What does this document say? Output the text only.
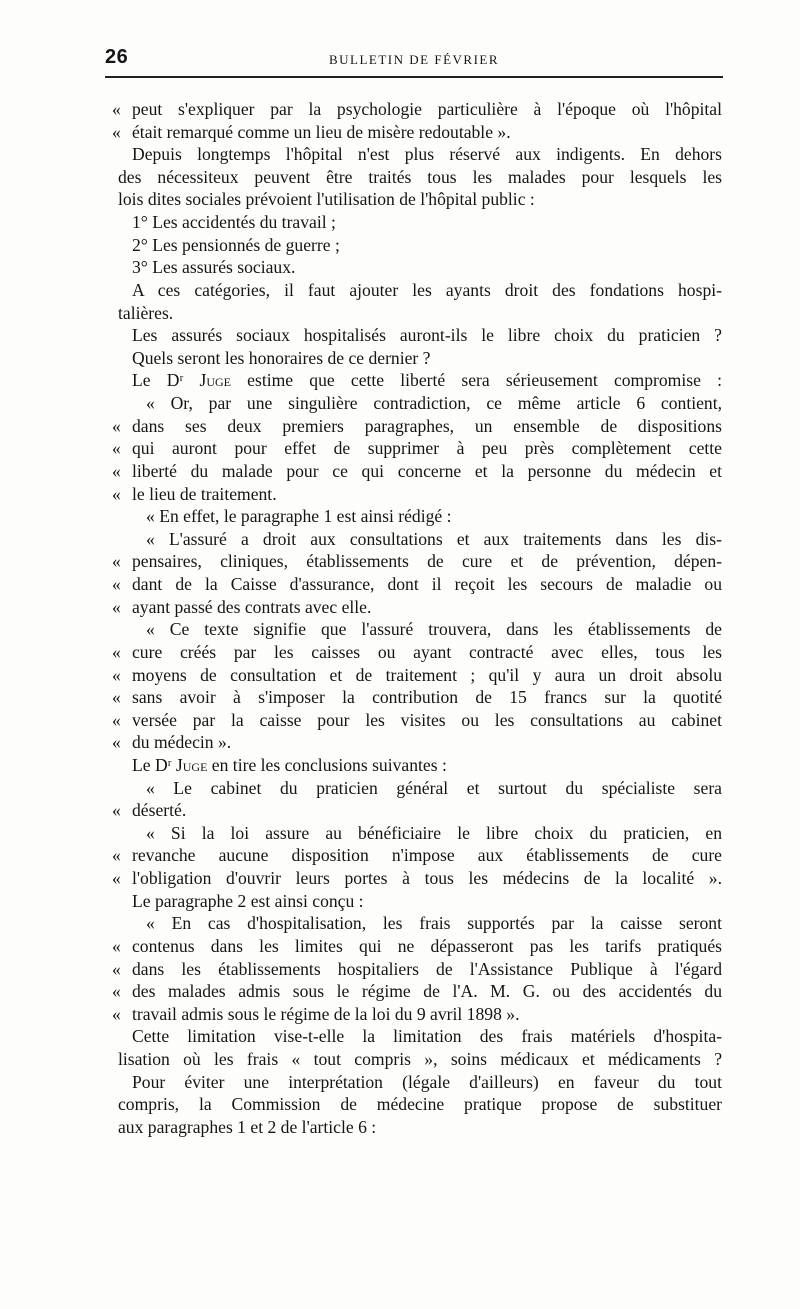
26	BULLETIN DE FÉVRIER
« peut s'expliquer par la psychologie particulière à l'époque où l'hôpital
« était remarqué comme un lieu de misère redoutable ».
Depuis longtemps l'hôpital n'est plus réservé aux indigents. En dehors
des nécessiteux peuvent être traités tous les malades pour lesquels les
lois dites sociales prévoient l'utilisation de l'hôpital public :
1° Les accidentés du travail ;
2° Les pensionnés de guerre ;
3° Les assurés sociaux.
A ces catégories, il faut ajouter les ayants droit des fondations hospi-
talières.
Les assurés sociaux hospitalisés auront-ils le libre choix du praticien ?
Quels seront les honoraires de ce dernier ?
Le Dʳ Juge estime que cette liberté sera sérieusement compromise :
« Or, par une singulière contradiction, ce même article 6 contient,
« dans ses deux premiers paragraphes, un ensemble de dispositions
« qui auront pour effet de supprimer à peu près complètement cette
« liberté du malade pour ce qui concerne et la personne du médecin et
« le lieu de traitement.
« En effet, le paragraphe 1 est ainsi rédigé :
« L'assuré a droit aux consultations et aux traitements dans les dis-
« pensaires, cliniques, établissements de cure et de prévention, dépen-
« dant de la Caisse d'assurance, dont il reçoit les secours de maladie ou
« ayant passé des contrats avec elle.
« Ce texte signifie que l'assuré trouvera, dans les établissements de
« cure créés par les caisses ou ayant contracté avec elles, tous les
« moyens de consultation et de traitement ; qu'il y aura un droit absolu
« sans avoir à s'imposer la contribution de 15 francs sur la quotité
« versée par la caisse pour les visites ou les consultations au cabinet
« du médecin ».
Le Dʳ Juge en tire les conclusions suivantes :
« Le cabinet du praticien général et surtout du spécialiste sera
« déserté.
« Si la loi assure au bénéficiaire le libre choix du praticien, en
« revanche aucune disposition n'impose aux établissements de cure
« l'obligation d'ouvrir leurs portes à tous les médecins de la localité ».
Le paragraphe 2 est ainsi conçu :
« En cas d'hospitalisation, les frais supportés par la caisse seront
« contenus dans les limites qui ne dépasseront pas les tarifs pratiqués
« dans les établissements hospitaliers de l'Assistance Publique à l'égard
« des malades admis sous le régime de l'A. M. G. ou des accidentés du
« travail admis sous le régime de la loi du 9 avril 1898 ».
Cette limitation vise-t-elle la limitation des frais matériels d'hospita-
lisation où les frais « tout compris », soins médicaux et médicaments ?
Pour éviter une interprétation (légale d'ailleurs) en faveur du tout
compris, la Commission de médecine pratique propose de substituer
aux paragraphes 1 et 2 de l'article 6 :
